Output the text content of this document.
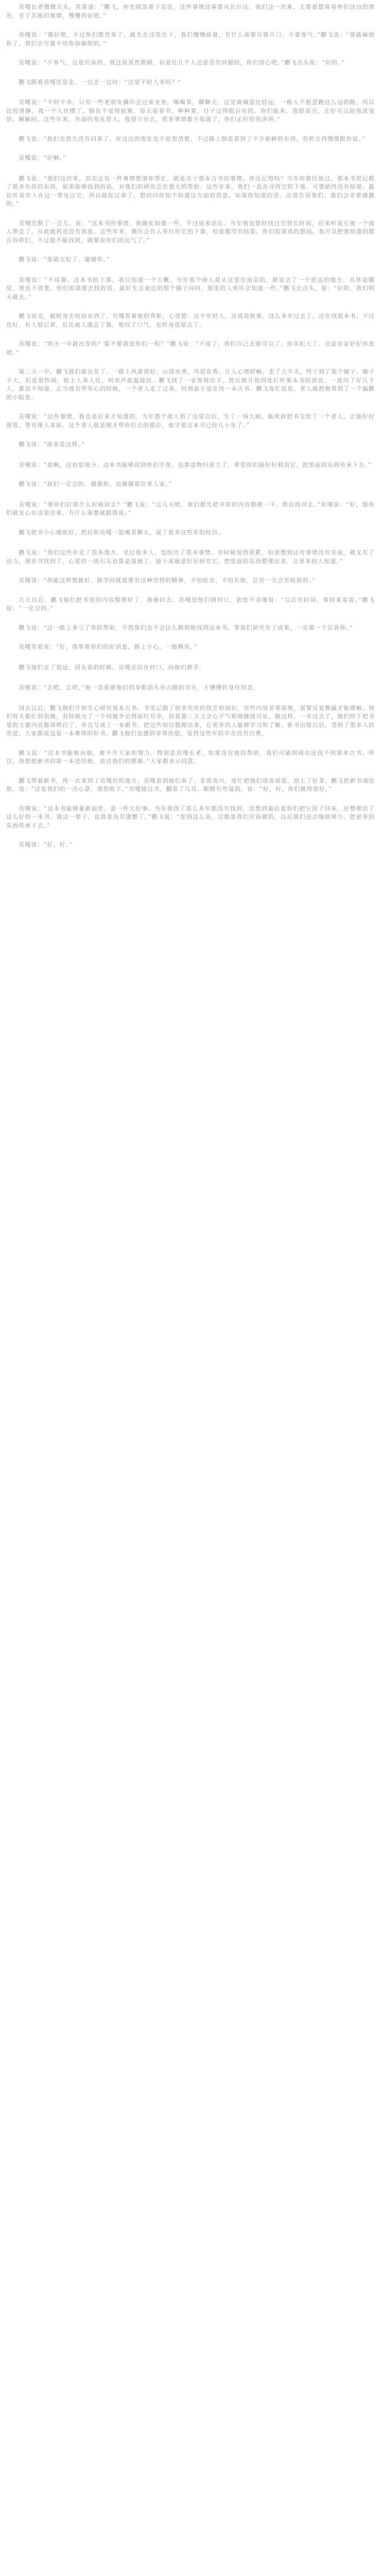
贡嘎长老微微点头，笑着道：“鹏飞，你先别急着下定论，这件事情还需要从长计议。我们这一次来，主要是想看看你们这边的情况，至于其他的事情，慢慢再说吧。”

贡嘎说：“那好吧。不过你们既然来了，就先在这里住下，我们慢慢商量，有什么需要尽管开口，不要客气。”鹏飞说：“那就麻烦你了，我们会尽量不给你添麻烦的。”

贡嘎说：“不客气，这是应该的。我这里虽然简陋，但是住几个人还是没有问题的，你们放心吧。”鹏飞点头说：“好的。”

鹏飞跟着贡嘎往里走，一边走一边问：“这里平时人多吗？”

贡嘎说：“平时不多，只有一些老朋友偶尔会过来坐坐，喝喝茶，聊聊天。这里离城里比较远，一般人不愿意跑这么远的路，所以比较清静。我一个人住惯了，倒也不觉得寂寞，每天看看书，种种菜，日子过得挺自在的。你们能来，我很高兴，正好可以陪我说说话，解解闷。这些年来，外面的变化很大，我很少出去，很多事情都不知道了，你们正好给我讲讲。”

鹏飞说：“我们也很久没有回来了，对这边的变化也不是很清楚，不过路上倒是看到了不少新鲜的东西，有机会再慢慢跟你说。”

贡嘎说：“好啊。”

鹏飞说：“我们这次来，其实还有一件事情想请你帮忙，就是关于那本古书的事情。你还记得吗？当年你曾经说过，那本书里记载了很多失传的东西，如果能够找到的话，对我们的研究会有很大的帮助。这些年来，我们一直在寻找它的下落，可惜始终没有结果。最近听说有人在这一带见过它，所以就赶过来了，想问问你知不知道这方面的消息。如果你知道的话，还请告诉我们，我们会非常感激的。”

贡嘎沉默了一会儿，说：“这本书的事情，我确实知道一些，不过说来话长。当年我也曾经找过它很长时间，后来听说它被一个商人带走了，从此就再也没有消息。这些年来，偶尔会有人来打听它的下落，但是都没有结果。你们如果真的想找，我可以把我知道的都告诉你们，不过能不能找到，就要看你们的运气了。”

鹏飞说：“那就太好了，谢谢你。”

贡嘎说：“不用谢。这本书的下落，我只知道一个大概，当年那个商人是从这里往南走的，据说去了一个很远的地方，具体是哪里，我也不清楚。你们如果要去找的话，最好先去南边的那个镇子问问，那里的人或许会知道一些。”鹏飞点点头，说：“好的，我们明天就去。”

鹏飞说完，就转身去收拾东西了。贡嘎看着他的背影，心里想：这个年轻人，还真是执着，这么多年过去了，还在找那本书。不过也好，有人惦记着，总比被人遗忘了强。他叹了口气，也转身进屋去了。

贡嘎说：“明天一早就出发吗？要不要我送你们一程？”鹏飞说：“不用了，我们自己去就可以了，你年纪大了，还是在家好好休息吧。”

第二天一早，鹏飞他们就出发了。一路上风景很好，山清水秀，鸟语花香，让人心情舒畅。走了大半天，终于到了那个镇子。镇子不大，但是很热闹，街上人来人往，叫卖声此起彼伏。鹏飞找了一家客栈住下，然后就开始四处打听那本书的消息。一连问了好几个人，都说不知道。正当他有些灰心的时候，一个老人走了过来，问他是不是在找一本古书。鹏飞连忙说是，老人就把他带到了一个偏僻的小院里。

贡嘎说：“这件事情，我也是后来才知道的。当年那个商人到了这里以后，生了一场大病，临死前把书交给了一个老人，让他好好保管，等有缘人来取。这个老人就是刚才带你们去的那位，他守着这本书已经几十年了。”

鹏飞说：“原来是这样。”

贡嘎说：“是啊，这也是缘分。这本书能够回到你们手里，也算是物归原主了。希望你们能好好利用它，把里面的东西传承下去。”

鹏飞说：“我们一定会的，谢谢你，也谢谢那位老人家。”

贡嘎说：“那你们打算什么时候回去？”鹏飞说：“过几天吧，我们想先把书里的内容整理一下，然后再回去。”贡嘎说：“好，那你们就安心在这里住着，有什么需要就跟我说。”

鹏飞把书小心地收好，然后和贡嘎一起喝茶聊天，说了很多这些年的经历。

鹏飞说：“我们这些年走了很多地方，见过很多人，也经历了很多事情。有时候觉得很累，但是想到还有事情没有完成，就又有了动力。现在书找到了，心里的一块石头也算是落地了。接下来就是好好研究它，把里面的东西整理出来，让更多的人知道。”

贡嘎说：“你能这样想就好。做学问就是要有这种坚持的精神，不怕吃苦，不怕失败，总有一天会有收获的。”

几天以后，鹏飞他们把书里的内容整理好了，准备回去。贡嘎送他们到村口，依依不舍地说：“以后有时间，常回来看看。”鹏飞说：“一定会的。”

鹏飞说：“这一路上多亏了你的帮助，不然我们也不会这么顺利地找到这本书。等我们研究有了成果，一定第一个告诉你。”

贡嘎笑着说：“好，我等着你们的好消息。路上小心，一路顺风。”

鹏飞他们走了很远，回头看的时候，贡嘎还站在村口，向他们挥手。

贡嘎说：“去吧，去吧。”他一直看着他们的身影消失在山路的尽头，才慢慢转身往回走。

回去以后，鹏飞他们开始专心研究那本古书。书里记载了很多失传的技艺和知识，有些内容非常深奥，需要反复推敲才能理解。他们每天都忙到很晚，有时候为了一个问题争论得面红耳赤，但是第二天又会心平气和地继续讨论。就这样，一年过去了，他们终于把书里的主要内容都弄明白了，并且写成了一本新书，把这些知识整理出来，让更多的人能够学习和了解。新书出版以后，受到了很多人的欢迎，大家都说这是一本难得的好书。鹏飞他们也感到非常欣慰，觉得这些年的辛苦没有白费。

鹏飞说：“这本书能够出版，离不开大家的努力。特别是贡嘎长老，如果没有他的帮助，我们可能到现在还找不到那本古书。所以，我想把新书的第一本送给他，表达我们的感谢。”大家都表示同意。

鹏飞带着新书，再一次来到了贡嘎住的地方。贡嘎看到他们来了，非常高兴，连忙把他们请进屋里，泡上了好茶。鹏飞把新书递给他，说：“这是我们的一点心意，请您收下。”贡嘎接过书，翻看了几页，眼睛有些湿润，说：“好，好，你们做得很好。”

贡嘎说：“这本书能够重新面世，是一件大好事。当年我找了那么多年都没有找到，没想到最后是你们把它找了回来，还整理出了这么好的一本书。我这一辈子，也算是没有遗憾了。”鹏飞说：“您别这么说，这都是我们应该做的。以后我们还会继续努力，把更多的东西传承下去。”

贡嘎说：“好，好。”
